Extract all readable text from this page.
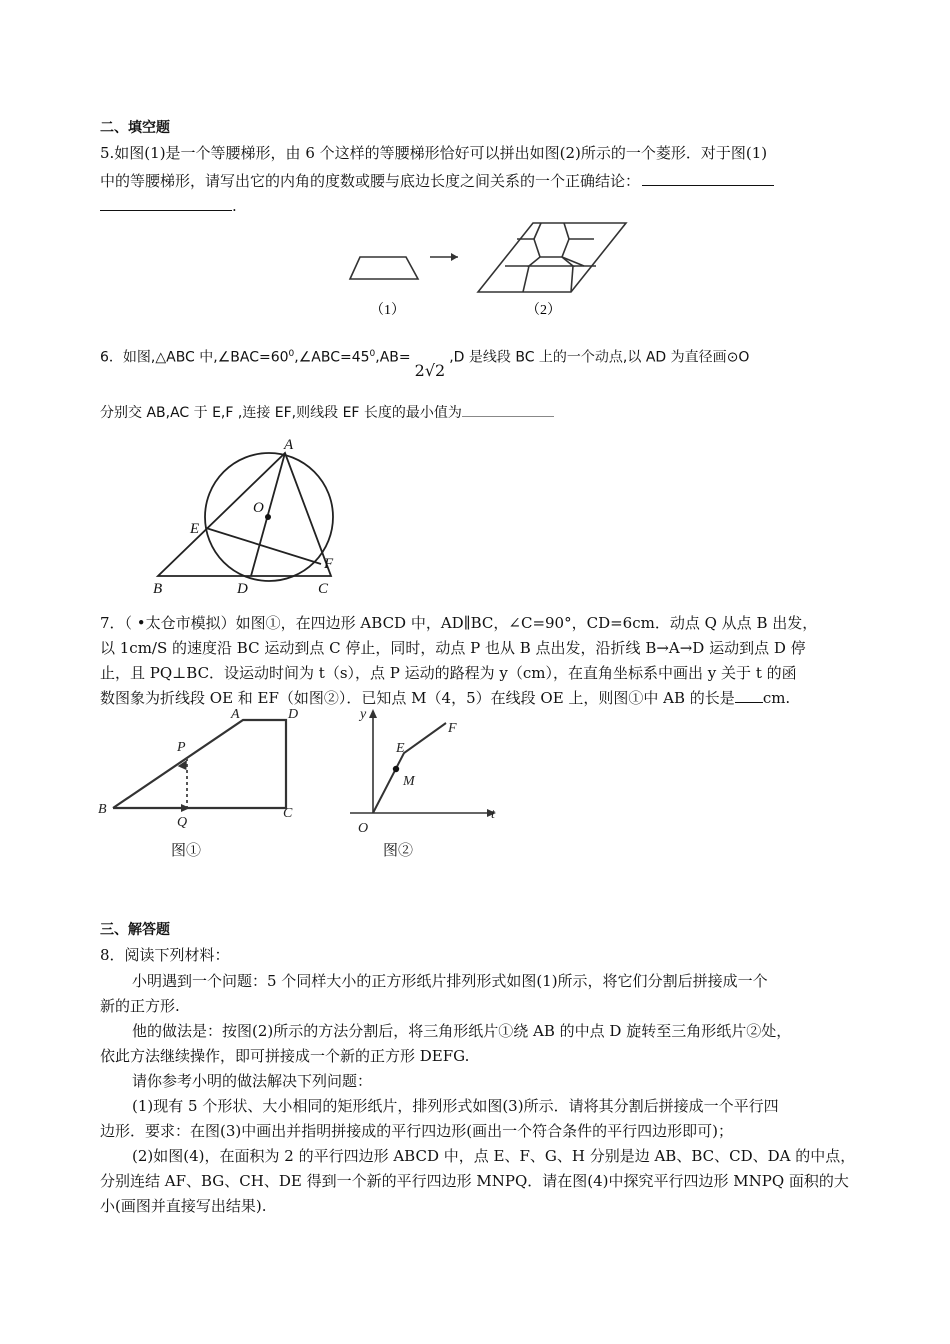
二、填空题
5.如图(1)是一个等腰梯形，由 6 个这样的等腰梯形恰好可以拼出如图(2)所示的一个菱形．对于图(1)
中的等腰梯形，请写出它的内角的度数或腰与底边长度之间关系的一个正确结论：
.
（1）	（2）
6．如图,△ABC 中$,\angle BAC=60^0,\angle ABC=45^0,AB=2√2,D$ 是线段 BC 上的一个动点,以 AD 为直径画⊙O
分别交 AB,AC 于 E,F ,连接 EF,则线段 EF 长度的最小值为
A
B	C
D
E
F
O
7．（ •太仓市模拟）如图①，在四边形 ABCD 中，AD∥BC，∠C=90°，CD=6cm．动点 Q 从点 B 出发，
以 1cm/S 的速度沿 BC 运动到点 C 停止，同时，动点 P 也从 B 点出发，沿折线 B→A→D 运动到点 D 停
止，且 PQ⊥BC．设运动时间为 t（s），点 P 运动的路程为 y（cm），在直角坐标系中画出 y 关于 t 的函
数图象为折线段 OE 和 EF（如图②）．已知点 M（4，5）在线段 OE 上，则图①中 AB 的长是 cm.
A	D
P
B
Q
C
图①
y
t
O
E
F
M
图②
三、解答题
8．阅读下列材料：
小明遇到一个问题：5 个同样大小的正方形纸片排列形式如图(1)所示，将它们分割后拼接成一个
新的正方形.
他的做法是：按图(2)所示的方法分割后，将三角形纸片①绕 AB 的中点 D 旋转至三角形纸片②处，
依此方法继续操作，即可拼接成一个新的正方形 DEFG.
请你参考小明的做法解决下列问题：
(1)现有 5 个形状、大小相同的矩形纸片，排列形式如图(3)所示．请将其分割后拼接成一个平行四
边形．要求：在图(3)中画出并指明拼接成的平行四边形(画出一个符合条件的平行四边形即可)；
(2)如图(4)，在面积为 2 的平行四边形 ABCD 中，点 E、F、G、H 分别是边 AB、BC、CD、DA 的中点，
分别连结 AF、BG、CH、DE 得到一个新的平行四边形 MNPQ．请在图(4)中探究平行四边形 MNPQ 面积的大
小(画图并直接写出结果).
